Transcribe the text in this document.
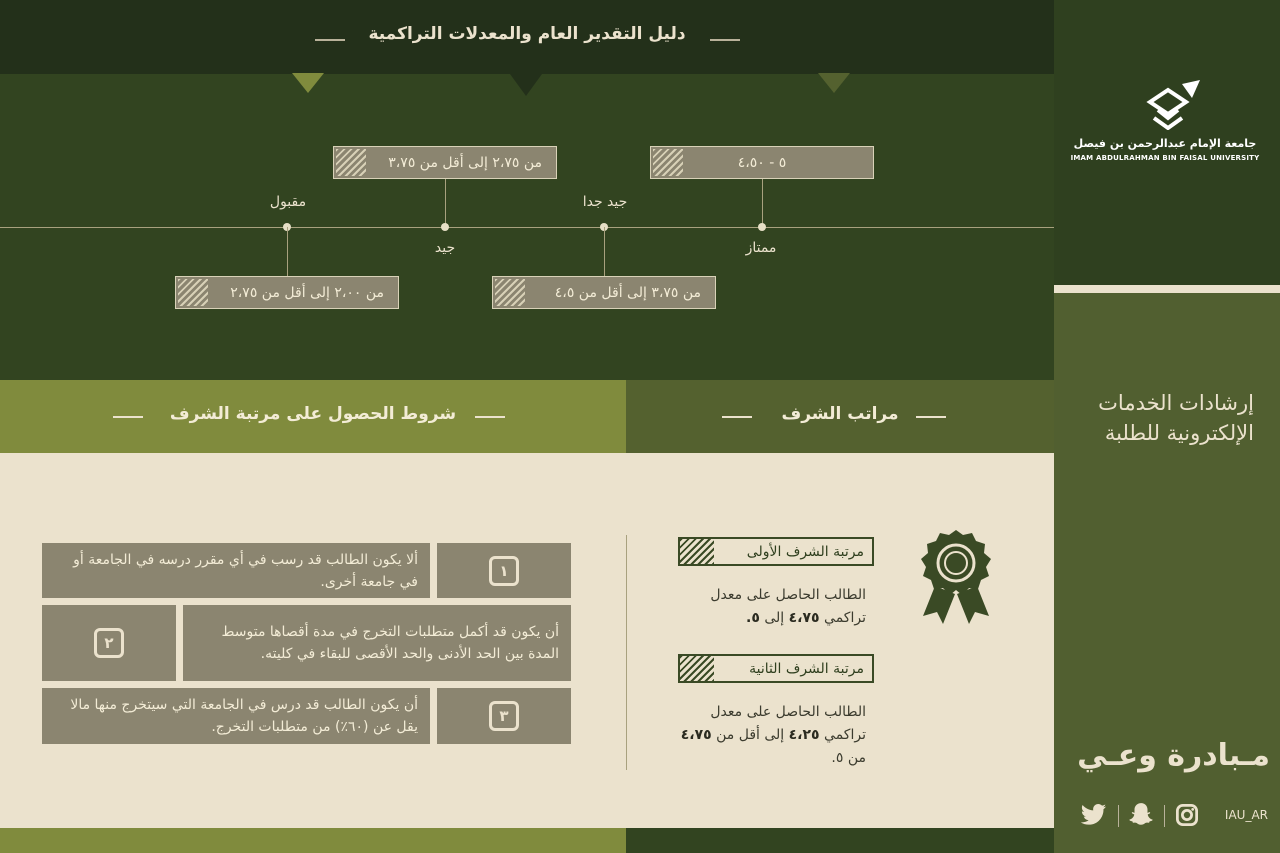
دليل التقدير العام والمعدلات التراكمية
٥ - ٤،٥٠
ممتاز
جيد جدا
من ٣،٧٥ إلى أقل من ٤،٥
من ٢،٧٥ إلى أقل من ٣،٧٥
جيد
مقبول
من ٢،٠٠ إلى أقل من ٢،٧٥
جامعة الإمام عبدالرحمن بن فيصل
IMAM ABDULRAHMAN BIN FAISAL UNIVERSITY
إرشادات الخدمات الإلكترونية للطلبة
مـبادرة وعـي
IAU_AR
شروط الحصول على مرتبة الشرف	مراتب الشرف
ألا يكون الطالب قد رسب في أي مقرر درسه في الجامعة أو في جامعة أخرى.
١
٢
أن يكون قد أكمل متطلبات التخرج في مدة أقصاها متوسط المدة بين الحد الأدنى والحد الأقصى للبقاء في كليته.
أن يكون الطالب قد درس في الجامعة التي سيتخرج منها مالا يقل عن (٦٠٪) من متطلبات التخرج.
٣
مرتبة الشرف الأولى
الطالب الحاصل على معدل تراكمي ٤،٧٥ إلى ٥.
مرتبة الشرف الثانية
الطالب الحاصل على معدل تراكمي ٤،٢٥ إلى أقل من ٤،٧٥ من ٥.
